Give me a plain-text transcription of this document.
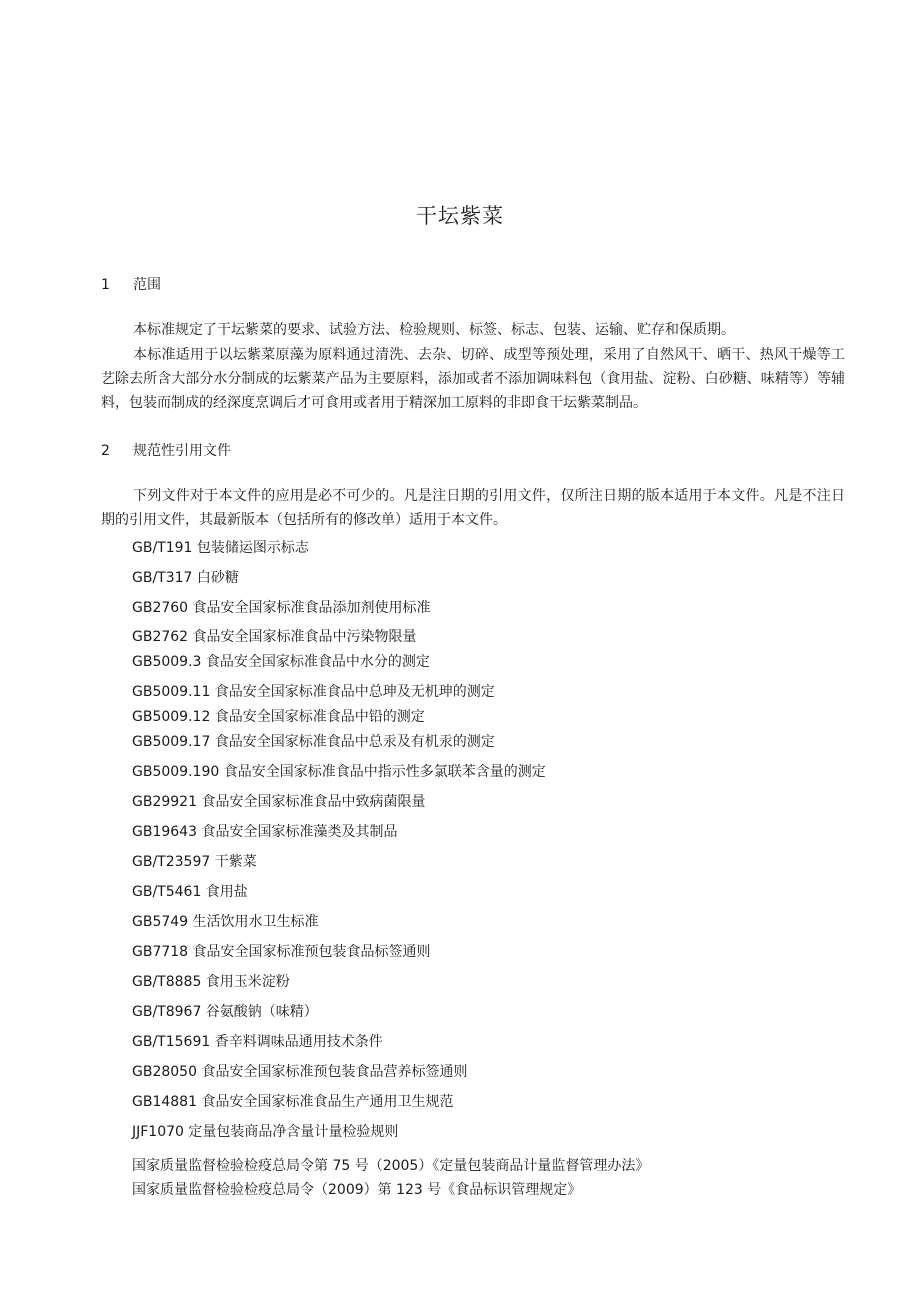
干坛紫菜
1 范围
本标准规定了干坛紫菜的要求、试验方法、检验规则、标签、标志、包装、运输、贮存和保质期。
本标准适用于以坛紫菜原藻为原料通过清洗、去杂、切碎、成型等预处理，采用了自然风干、晒干、热风干燥等工艺除去所含大部分水分制成的坛紫菜产品为主要原料，添加或者不添加调味料包（食用盐、淀粉、白砂糖、味精等）等辅料，包装而制成的经深度烹调后才可食用或者用于精深加工原料的非即食干坛紫菜制品。
2 规范性引用文件
下列文件对于本文件的应用是必不可少的。凡是注日期的引用文件，仅所注日期的版本适用于本文件。凡是不注日期的引用文件，其最新版本（包括所有的修改单）适用于本文件。
GB/T191 包装储运图示标志
GB/T317 白砂糖
GB2760 食品安全国家标准食品添加剂使用标准
GB2762 食品安全国家标准食品中污染物限量
GB5009.3 食品安全国家标准食品中水分的测定
GB5009.11 食品安全国家标准食品中总珅及无机珅的测定
GB5009.12 食品安全国家标准食品中铅的测定
GB5009.17 食品安全国家标准食品中总汞及有机汞的测定
GB5009.190 食品安全国家标准食品中指示性多氯联苯含量的测定
GB29921 食品安全国家标准食品中致病菌限量
GB19643 食品安全国家标准藻类及其制品
GB/T23597 干紫菜
GB/T5461 食用盐
GB5749 生活饮用水卫生标准
GB7718 食品安全国家标准预包装食品标签通则
GB/T8885 食用玉米淀粉
GB/T8967 谷氨酸钠（味精）
GB/T15691 香辛料调味品通用技术条件
GB28050 食品安全国家标准预包装食品营养标签通则
GB14881 食品安全国家标准食品生产通用卫生规范
JJF1070 定量包装商品净含量计量检验规则
国家质量监督检验检疫总局令第 75 号（2005）《定量包装商品计量监督管理办法》
国家质量监督检验检疫总局令（2009）第 123 号《食品标识管理规定》
